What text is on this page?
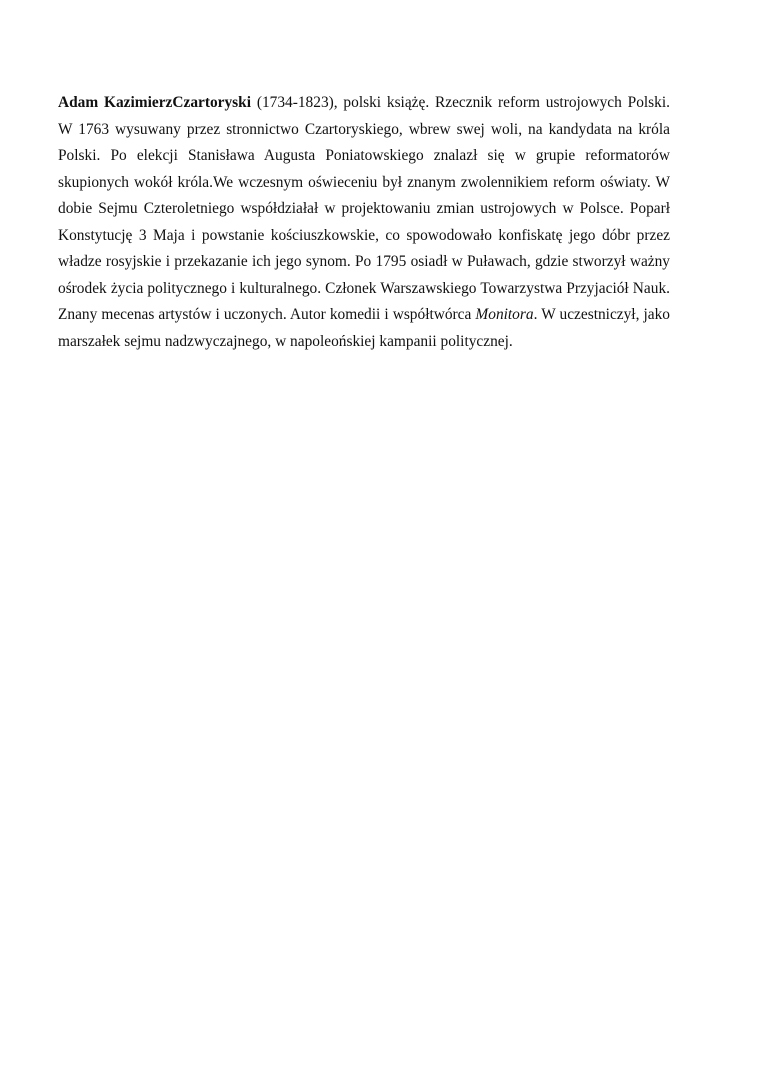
Adam KazimierzCzartoryski (1734-1823), polski książę. Rzecznik reform ustrojowych Polski.
W 1763 wysuwany przez stronnictwo Czartoryskiego, wbrew swej woli, na kandydata na króla
Polski. Po elekcji Stanisława Augusta Poniatowskiego znalazł się w grupie reformatorów
skupionych wokół króla.We wczesnym oświeceniu był znanym zwolennikiem reform oświaty. W
dobie Sejmu Czteroletniego współdziałał w projektowaniu zmian ustrojowych w Polsce. Poparł
Konstytucję 3 Maja i powstanie kościuszkowskie, co spowodowało konfiskatę jego dóbr przez
władze rosyjskie i przekazanie ich jego synom. Po 1795 osiadł w Puławach, gdzie stworzył ważny
ośrodek życia politycznego i kulturalnego. Członek Warszawskiego Towarzystwa Przyjaciół Nauk.
Znany mecenas artystów i uczonych. Autor komedii i współtwórca Monitora. W uczestniczył, jako
marszałek sejmu nadzwyczajnego, w napoleońskiej kampanii politycznej.
